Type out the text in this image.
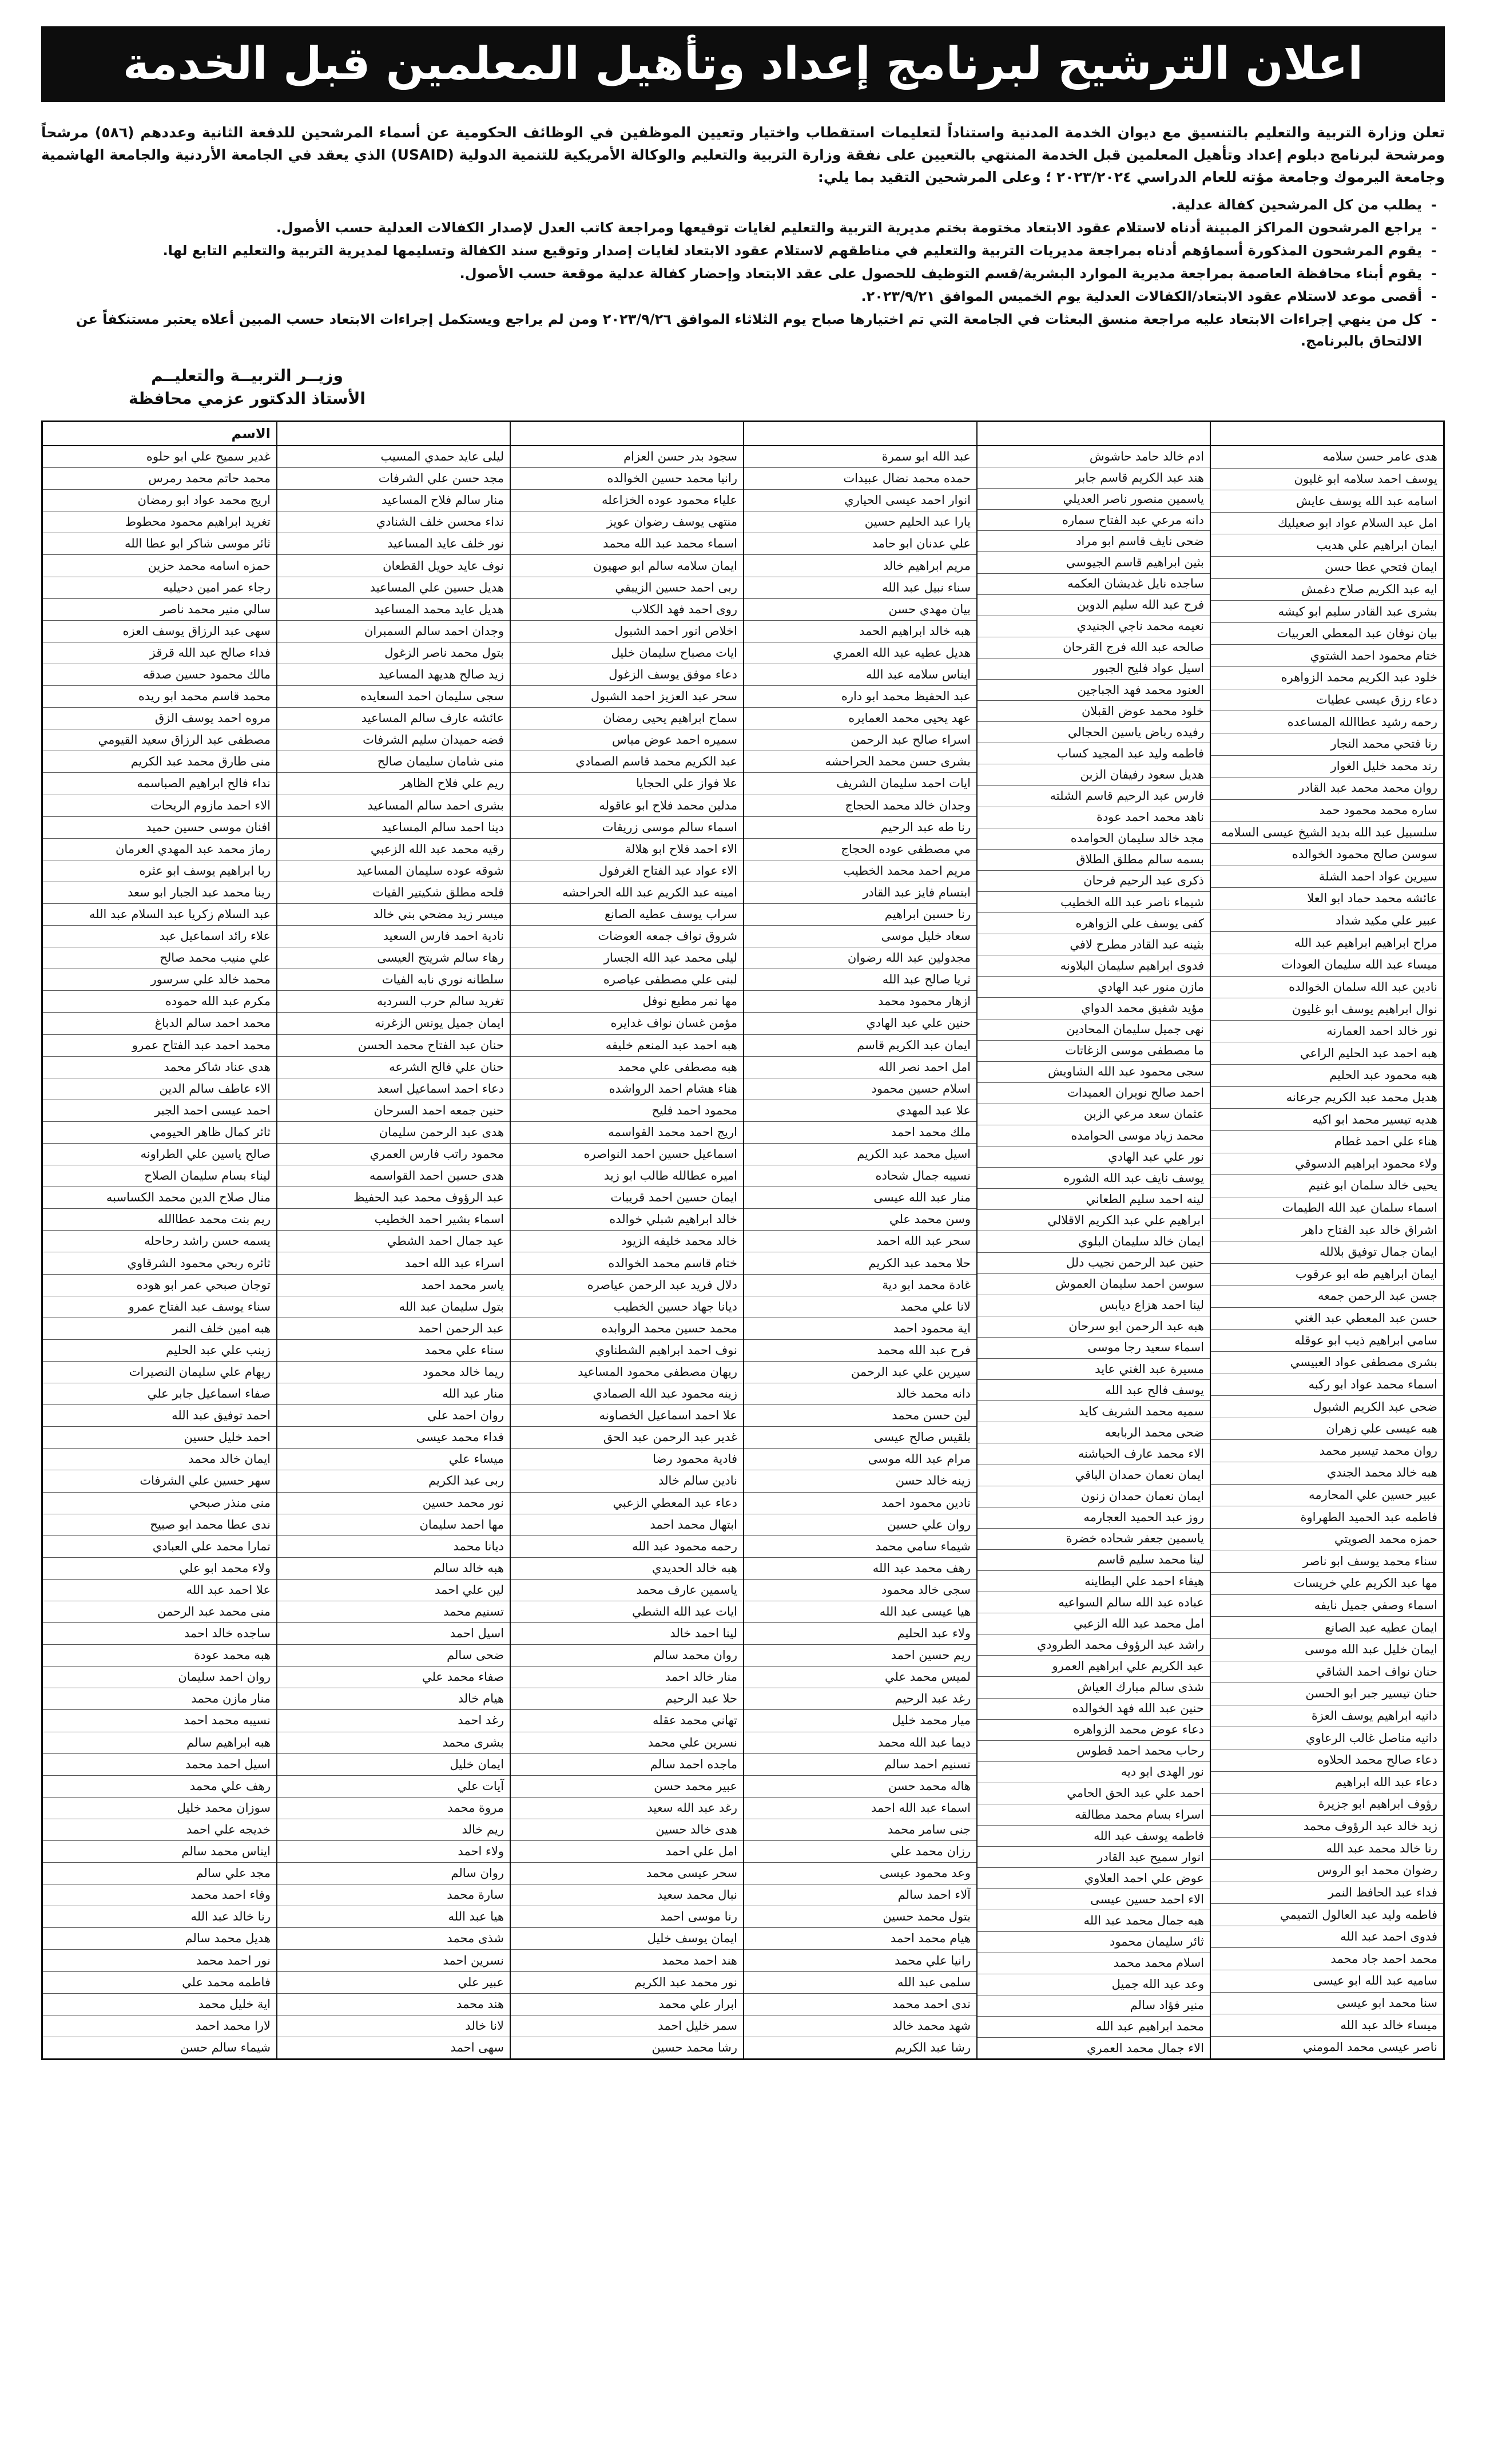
اعلان الترشيح لبرنامج إعداد وتأهيل المعلمين قبل الخدمة
تعلن وزارة التربية والتعليم بالتنسيق مع ديوان الخدمة المدنية واستناداً لتعليمات استقطاب واختيار وتعيين الموظفين في الوظائف الحكومية عن أسماء المرشحين للدفعة الثانية وعددهم (٥٨٦) مرشحاً ومرشحة لبرنامج دبلوم إعداد وتأهيل المعلمين قبل الخدمة المنتهي بالتعيين على نفقة وزارة التربية والتعليم والوكالة الأمريكية للتنمية الدولية (USAID) الذي يعقد في الجامعة الأردنية والجامعة الهاشمية وجامعة اليرموك وجامعة مؤته للعام الدراسي ٢٠٢٣/٢٠٢٤ ؛ وعلى المرشحين التقيد بما يلي:
- يطلب من كل المرشحين كفالة عدلية.
- يراجع المرشحون المراكز المبينة أدناه لاستلام عقود الابتعاد مختومة بختم مديرية التربية والتعليم لغايات توقيعها ومراجعة كاتب العدل لإصدار الكفالات العدلية حسب الأصول.
- يقوم المرشحون المذكورة أسماؤهم أدناه بمراجعة مديريات التربية والتعليم في مناطقهم لاستلام عقود الابتعاد لغايات إصدار وتوقيع سند الكفالة وتسليمها لمديرية التربية والتعليم التابع لها.
- يقوم أبناء محافظة العاصمة بمراجعة مديرية الموارد البشرية/قسم التوظيف للحصول على عقد الابتعاد وإحضار كفالة عدلية موقعة حسب الأصول.
- أقصى موعد لاستلام عقود الابتعاد/الكفالات العدلية يوم الخميس الموافق ٢٠٢٣/٩/٢١.
- كل من ينهي إجراءات الابتعاد عليه مراجعة منسق البعثات في الجامعة التي تم اختيارها صباح يوم الثلاثاء الموافق ٢٠٢٣/٩/٢٦ ومن لم يراجع ويستكمل إجراءات الابتعاد حسب المبين أعلاه يعتبر مستنكفاً عن الالتحاق بالبرنامج.
وزيــر التربيــة والتعليــم
الأستاذ الدكتور عزمي محافظة
هدى عامر حسن سلامه
يوسف احمد سلامه ابو غليون
اسامه عبد الله يوسف عايش
امل عبد السلام عواد ابو صعيليك
ايمان ابراهيم علي هديب
ايمان فتحي عطا حسن
ايه عبد الكريم صلاح دغمش
بشرى عبد القادر سليم ابو كيشه
بيان نوفان عبد المعطي العربيات
ختام محمود احمد الشتوي
خلود عبد الكريم محمد الزواهره
دعاء رزق عيسى عطيات
رحمه رشيد عطاالله المساعده
رنا فتحي محمد النجار
رند محمد خليل الغوار
روان محمد محمد عبد القادر
ساره محمد محمود حمد
سلسبيل عبد الله بديد الشيخ عيسى السلامه
سوسن صالح محمود الخوالده
سيرين عواد احمد الشلة
عائشه محمد حماد ابو العلا
عبير علي مكيد شداد
مراح ابراهيم ابراهيم عبد الله
ميساء عبد الله سليمان العودات
نادين عبد الله سلمان الخوالده
نوال ابراهيم يوسف ابو غليون
نور خالد احمد العمارنه
هبه احمد عبد الحليم الراعي
هبه محمود عبد الحليم
هديل محمد عبد الكريم جرعانه
هديه تيسير محمد ابو اكيه
هناء علي احمد غطام
ولاء محمود ابراهيم الدسوقي
يحيى خالد سلمان ابو غنيم
اسماء سلمان عبد الله الطيمات
اشراق خالد عبد الفتاح داهر
ايمان جمال توفيق بلالله
ايمان ابراهيم طه ابو عرقوب
جسن عبد الرحمن جمعه
حسن عبد المعطي عبد الغني
سامي ابراهيم ذيب ابو عوقله
بشرى مصطفى عواد العبيسي
اسماء محمد عواد ابو ركبه
ضحى عبد الكريم الشبول
هبه عيسى علي زهران
روان محمد تيسير محمد
هبه خالد محمد الجندي
عبير حسين علي المحارمه
فاطمه عبد الحميد الطهراوة
حمزه محمد الصويتي
سناء محمد يوسف ابو ناصر
مها عبد الكريم علي خريسات
اسماء وصفي جميل نايفه
ايمان عطيه عبد الصانع
ايمان خليل عبد الله موسى
حنان نواف احمد الشاقي
حنان تيسير جبر ابو الحسن
دانيه ابراهيم يوسف العزة
دانيه مناصل غالب الرعاوي
دعاء صالح محمد الحلاوه
دعاء عبد الله ابراهيم
رؤوف ابراهيم ابو جزيرة
زيد خالد عبد الرؤوف محمد
رنا خالد محمد عبد الله
رضوان محمد ابو الروس
فداء عبد الحافظ النمر
فاطمه وليد عبد العالول التميمي
فدوى احمد عبد الله
محمد احمد جاد محمد
ساميه عبد الله ابو عيسى
سنا محمد ابو عيسى
ميساء خالد عبد الله
ناصر عيسى محمد المومني
ادم خالد حامد حاشوش
هند عبد الكريم قاسم جابر
ياسمين منصور ناصر العديلي
دانه مرعي عبد الفتاح سماره
ضحى نايف قاسم ابو مراد
بثين ابراهيم قاسم الجيوسي
ساجده نايل غديشان العكمه
فرح عبد الله سليم الدوين
نعيمه محمد ناجي الجنيدي
صالحه عبد الله فرج القرحان
اسيل عواد فليح الجبور
العنود محمد فهد الجباجين
خلود محمد عوض القبلان
رفيده رباض ياسين الحجالي
فاطمه وليد عبد المجيد كساب
هديل سعود رفيفان الزبن
فارس عبد الرحيم قاسم الشلته
ناهد محمد احمد عودة
مجد خالد سليمان الحوامده
بسمه سالم مطلق الطلاق
ذكرى عبد الرحيم فرحان
شيماء ناصر عبد الله الخطيب
كفى يوسف علي الزواهره
بثينه عبد القادر مطرح لافي
فدوى ابراهيم سليمان البلاونه
مازن منور عبد الهادي
مؤيد شفيق محمد الدواي
نهى جميل سليمان المحادين
ما مصطفى موسى الزغاتات
سجى محمود عبد الله الشاويش
احمد صالح نويران العميدات
عثمان سعد مرعي الزبن
محمد زياد موسى الحوامده
نور علي عبد الهادي
يوسف نايف عبد الله الشوره
لينه احمد سليم الطعاني
ابراهيم علي عبد الكريم الاقلالي
ايمان خالد سليمان البلوي
حنين عبد الرحمن نجيب دلل
سوسن احمد سليمان العموش
لينا احمد هزاع ديابس
هبه عبد الرحمن ابو سرحان
اسماء سعيد رجا موسى
مسيرة عبد الغني عايد
يوسف فالح عبد الله
سميه محمد الشريف كايد
ضحى محمد الربابعه
الاء محمد عارف الحباشنه
ايمان نعمان حمدان الباقي
ايمان نعمان حمدان زنون
روز عبد الحميد العجارمه
ياسمين جعفر شحاده خضرة
لينا محمد سليم قاسم
هيفاء احمد علي البطاينه
عباده عبد الله سالم السواعيه
امل محمد عبد الله الزعبي
راشد عبد الرؤوف محمد الطرودي
عبد الكريم علي ابراهيم العمرو
شذى سالم مبارك العياش
حنين عبد الله فهد الخوالده
دعاء عوض محمد الزواهره
رحاب محمد احمد قطوس
نور الهدى ابو ديه
احمد علي عبد الحق الحامي
اسراء بسام محمد مطالقه
فاطمه يوسف عبد الله
انوار سميح عبد القادر
عوض علي احمد العلاوي
الاء احمد حسين عيسى
هبه جمال محمد عبد الله
ثائر سليمان محمود
اسلام محمد محمد
وعد عبد الله جميل
منير فؤاد سالم
محمد ابراهيم عبد الله
الاء جمال محمد العمري
عبد الله ابو سمرة
حمده محمد نضال عبيدات
انوار احمد عيسى الحياري
يارا عبد الحليم حسين
علي عدنان ابو حامد
مريم ابراهيم خالد
سناء نبيل عبد الله
بيان مهدي حسن
هبه خالد ابراهيم الحمد
هديل عطيه عبد الله العمري
ايناس سلامه عبد الله
عبد الحفيظ محمد ابو داره
عهد يحيى محمد العمايره
اسراء صالح عبد الرحمن
بشرى حسن محمد الحراحشه
ايات احمد سليمان الشريف
وجدان خالد محمد الحجاج
رنا طه عبد الرحيم
مي مصطفى عوده الحجاج
مريم احمد محمد الخطيب
ابتسام فايز عبد القادر
رنا حسين ابراهيم
سعاد خليل موسى
مجدولين عبد الله رضوان
ثريا صالح عبد الله
ازهار محمود محمد
حنين علي عبد الهادي
ايمان عبد الكريم قاسم
امل احمد نصر الله
اسلام حسين محمود
علا عبد المهدي
ملك محمد احمد
اسيل محمد عبد الكريم
نسيبه جمال شحاده
منار عبد الله عيسى
وسن محمد علي
سحر عبد الله احمد
حلا محمد عبد الكريم
غادة محمد ابو دية
لانا علي محمد
اية محمود احمد
فرح عبد الله محمد
سيرين علي عبد الرحمن
دانه محمد خالد
لين حسن محمد
بلقيس صالح عيسى
مرام عبد الله موسى
زينه خالد حسن
نادين محمود احمد
روان علي حسين
شيماء سامي محمد
رهف محمد عبد الله
سجى خالد محمود
هيا عيسى عبد الله
ولاء عبد الحليم
ريم حسين احمد
لميس محمد علي
رغد عبد الرحيم
ميار محمد خليل
ديما عبد الله محمد
تسنيم احمد سالم
هاله محمد حسن
اسماء عبد الله احمد
جنى سامر محمد
رزان محمد علي
وعد محمود عيسى
آلاء احمد سالم
بتول محمد حسين
هيام محمد احمد
رانيا علي محمد
سلمى عبد الله
ندى احمد محمد
شهد محمد خالد
رشا عبد الكريم
سجود بدر حسن العزام
رانيا محمد حسين الخوالده
علياء محمود عوده الخزاعله
منتهى يوسف رضوان عويز
اسماء محمد عبد الله محمد
ايمان سلامه سالم ابو صهيون
ربى احمد حسين الزيبقي
روى احمد فهد الكلاب
اخلاص انور احمد الشبول
ايات مصباح سليمان خليل
دعاء موفق يوسف الزغول
سحر عبد العزيز احمد الشبول
سماح ابراهيم يحيى رمضان
سميره احمد عوض مياس
عبد الكريم محمد قاسم الصمادي
علا فواز علي الحجايا
مدلين محمد فلاح ابو عاقوله
اسماء سالم موسى زريقات
الاء احمد فلاح ابو هلالة
الاء عواد عبد الفتاح الغرفول
امينه عبد الكريم عبد الله الحراحشه
سراب يوسف عطيه الصانع
شروق نواف جمعه العوضات
ليلى محمد عبد الله الجسار
لبنى علي مصطفى عياصره
مها نمر مطيع نوفل
مؤمن غسان نواف غدايره
هبه احمد عبد المنعم خليفه
هبه مصطفى علي محمد
هناء هشام احمد الرواشده
محمود احمد فليح
اريج احمد محمد القواسمه
اسماعيل حسين احمد النواصره
اميره عطالله طالب ابو زيد
ايمان حسين احمد قريبات
خالد ابراهيم شبلي خوالده
خالد محمد خليفه الزيود
ختام قاسم محمد الخوالده
دلال فريد عبد الرحمن عياصره
ديانا جهاد حسين الخطيب
محمد حسين محمد الروابده
نوف احمد ابراهيم الشطناوي
ريهان مصطفى محمود المساعيد
زينه محمود عبد الله الصمادي
علا احمد اسماعيل الخصاونه
غدير عبد الرحمن عبد الحق
فادية محمود رضا
نادين سالم خالد
دعاء عبد المعطي الزعبي
ابتهال محمد احمد
رحمه محمود عبد الله
هبه خالد الحديدي
ياسمين عارف محمد
ايات عبد الله الشطي
لينا احمد خالد
روان محمد سالم
منار خالد احمد
حلا عبد الرحيم
تهاني محمد عقله
نسرين علي محمد
ماجده احمد سالم
عبير محمد حسن
رغد عبد الله سعيد
هدى خالد حسين
امل علي احمد
سحر عيسى محمد
نبال محمد سعيد
رنا موسى احمد
ايمان يوسف خليل
هند احمد محمد
نور محمد عبد الكريم
ابرار علي محمد
سمر خليل احمد
رشا محمد حسين
ليلى عايد حمدي المسيب
مجد حسن علي الشرفات
منار سالم فلاح المساعيد
نداء محسن خلف الشنادي
نور خلف عايد المساعيد
نوف عايد حويل القطعان
هديل حسين علي المساعيد
هديل عايد محمد المساعيد
وجدان احمد سالم السمبران
بتول محمد ناصر الزغول
زيد صالح هديهد المساعيد
سجى سليمان احمد السعايده
عائشه عارف سالم المساعيد
فضه حميدان سليم الشرفات
منى شامان سليمان صالح
ريم علي فلاح الظاهر
بشرى احمد سالم المساعيد
دينا احمد سالم المساعيد
رقيه محمد عبد الله الزعبي
شوقه عوده سليمان المساعيد
فلحه مطلق شكيتير القيات
ميسر زيد مضحي بني خالد
نادية احمد فارس السعيد
رهاء سالم شريتح العيسى
سلطانه نوري نابه الفيات
تغريد سالم حرب السرديه
ايمان جميل يونس الزغرنه
حنان عبد الفتاح محمد الحسن
حنان علي فالح الشرعه
دعاء احمد اسماعيل اسعد
حنين جمعه احمد السرحان
هدى عبد الرحمن سليمان
محمود راتب فارس العمري
هدى حسين احمد القواسمه
عبد الرؤوف محمد عبد الحفيظ
اسماء بشير احمد الخطيب
عيد جمال احمد الشطي
اسراء عبد الله احمد
ياسر محمد احمد
بتول سليمان عبد الله
عبد الرحمن احمد
سناء علي محمد
ريما خالد محمود
منار عبد الله
روان احمد علي
فداء محمد عيسى
ميساء علي
ربى عبد الكريم
نور محمد حسين
مها احمد سليمان
ديانا محمد
هبه خالد سالم
لين علي احمد
تسنيم محمد
اسيل احمد
ضحى سالم
صفاء محمد علي
هيام خالد
رغد احمد
بشرى محمد
ايمان خليل
آيات علي
مروة محمد
ريم خالد
ولاء احمد
روان سالم
سارة محمد
هيا عبد الله
شذى محمد
نسرين احمد
عبير علي
هند محمد
لانا خالد
سهى احمد
الاسم
غدير سميح علي ابو حلوه
محمد حاتم محمد رمرس
اريج محمد عواد ابو رمضان
تغريد ابراهيم محمود محطوط
ثائر موسى شاكر ابو عطا الله
حمزه اسامه محمد حزين
رجاء عمر امين دحيليه
سالي منير محمد ناصر
سهى عبد الرزاق يوسف العزه
فداء صالح عبد الله قرقز
مالك محمود حسين صدقه
محمد قاسم محمد ابو ريده
مروه احمد يوسف الزق
مصطفى عبد الرزاق سعيد القيومي
منى طارق محمد عبد الكريم
نداء فالح ابراهيم الصباسمه
الاء احمد مازوم الريحات
افنان موسى حسين حميد
رماز محمد عبد المهدي العرمان
ربا ابراهيم يوسف ابو عثره
رينا محمد عبد الجبار ابو سعد
عبد السلام زكريا عبد السلام عبد الله
علاء رائد اسماعيل عبد
علي منيب محمد صالح
محمد خالد علي سرسور
مكرم عبد الله حموده
محمد احمد سالم الدباغ
محمد احمد عبد الفتاح عمرو
هدى عناد شاكر محمد
الاء عاطف سالم الدين
احمد عيسى احمد الجبر
ثائر كمال ظاهر الحيومي
صالح ياسين علي الطراونه
ليناء بسام سليمان الصلاح
منال صلاح الدين محمد الكساسبه
ريم بنت محمد عطاالله
يسمه حسن راشد رحاحله
ثائره ربحي محمود الشرقاوي
توجان صبحي عمر ابو هوده
سناء يوسف عبد الفتاح عمرو
هبه امين خلف النمر
زينب علي عبد الحليم
ريهام علي سليمان النصيرات
صفاء اسماعيل جابر علي
احمد توفيق عبد الله
احمد خليل حسين
ايمان خالد محمد
سهر حسين علي الشرفات
منى منذر صبحي
ندى عطا محمد ابو صبيح
تمارا محمد علي العبادي
ولاء محمد ابو علي
علا احمد عبد الله
منى محمد عبد الرحمن
ساجده خالد احمد
هبه محمد عودة
روان احمد سليمان
منار مازن محمد
نسيبه محمد احمد
هبه ابراهيم سالم
اسيل احمد محمد
رهف علي محمد
سوزان محمد خليل
خديجه علي احمد
ايناس محمد سالم
مجد علي سالم
وفاء احمد محمد
رنا خالد عبد الله
هديل محمد سالم
نور احمد محمد
فاطمه محمد علي
اية خليل محمد
لارا محمد احمد
شيماء سالم حسن
